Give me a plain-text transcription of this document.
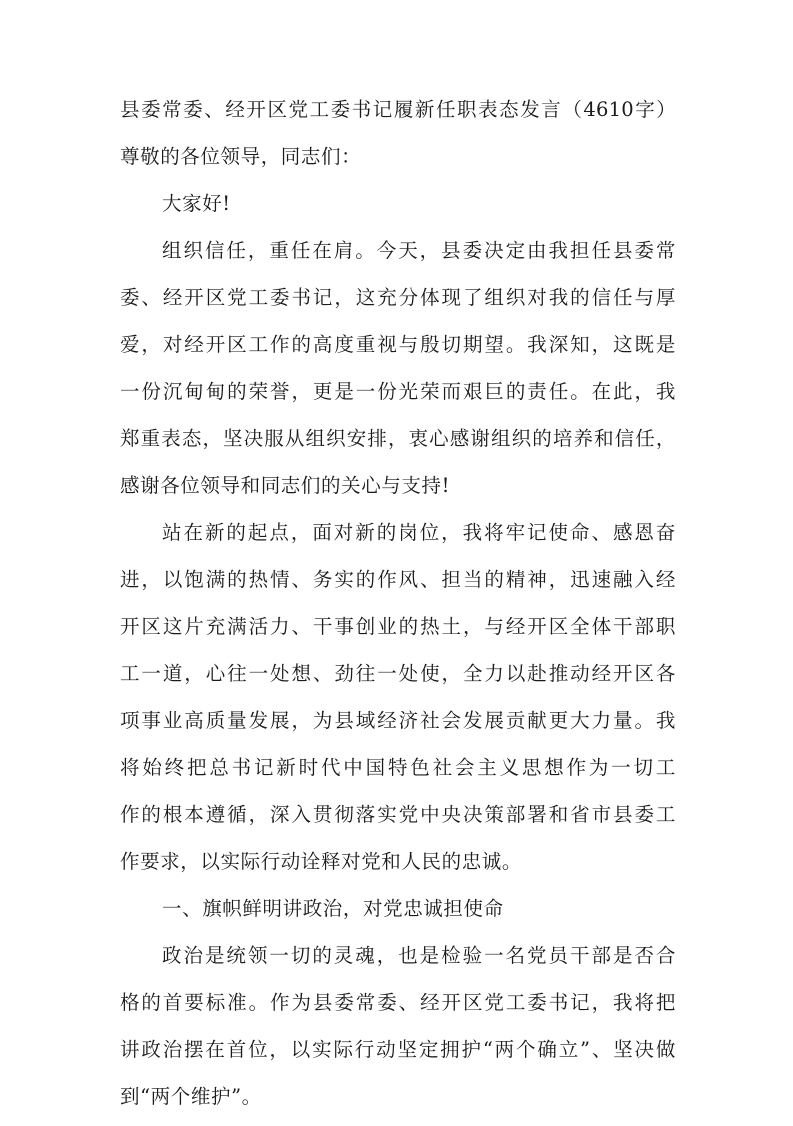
县委常委、经开区党工委书记履新任职表态发言（4610字）

尊敬的各位领导，同志们：

大家好!

组织信任，重任在肩。今天，县委决定由我担任县委常

委、经开区党工委书记，这充分体现了组织对我的信任与厚

爱，对经开区工作的高度重视与殷切期望。我深知，这既是

一份沉甸甸的荣誉，更是一份光荣而艰巨的责任。在此，我

郑重表态，坚决服从组织安排，衷心感谢组织的培养和信任，

感谢各位领导和同志们的关心与支持!

站在新的起点，面对新的岗位，我将牢记使命、感恩奋

进，以饱满的热情、务实的作风、担当的精神，迅速融入经

开区这片充满活力、干事创业的热土，与经开区全体干部职

工一道，心往一处想、劲往一处使，全力以赴推动经开区各

项事业高质量发展，为县域经济社会发展贡献更大力量。我

将始终把总书记新时代中国特色社会主义思想作为一切工

作的根本遵循，深入贯彻落实党中央决策部署和省市县委工

作要求，以实际行动诠释对党和人民的忠诚。

一、旗帜鲜明讲政治，对党忠诚担使命

政治是统领一切的灵魂，也是检验一名党员干部是否合

格的首要标准。作为县委常委、经开区党工委书记，我将把

讲政治摆在首位，以实际行动坚定拥护“两个确立”、坚决做

到“两个维护”。
